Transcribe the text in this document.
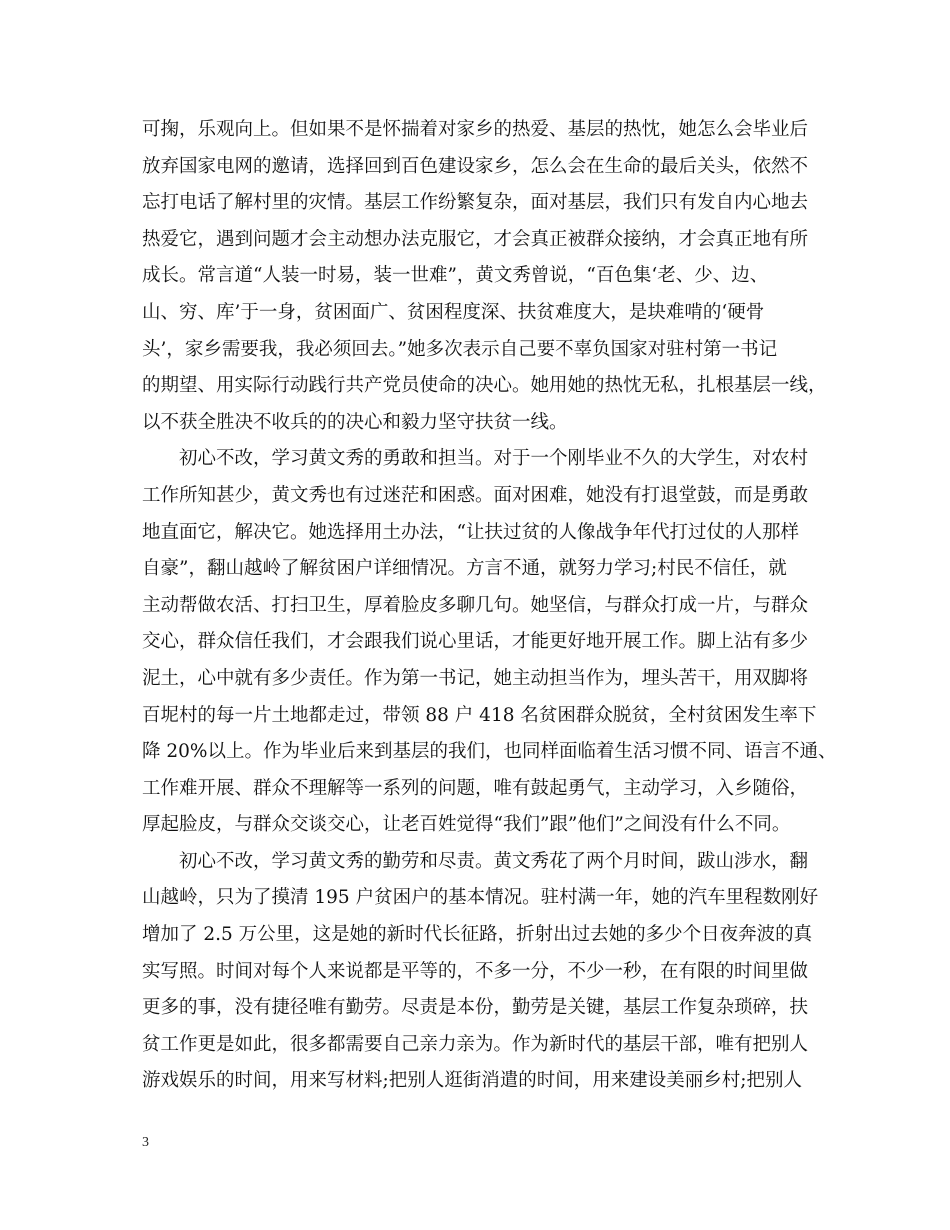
可掬，乐观向上。但如果不是怀揣着对家乡的热爱、基层的热忱，她怎么会毕业后
放弃国家电网的邀请，选择回到百色建设家乡，怎么会在生命的最后关头，依然不
忘打电话了解村里的灾情。基层工作纷繁复杂，面对基层，我们只有发自内心地去
热爱它，遇到问题才会主动想办法克服它，才会真正被群众接纳，才会真正地有所
成长。常言道“人装一时易，装一世难”，黄文秀曾说，“百色集‘老、少、边、
山、穷、库’于一身，贫困面广、贫困程度深、扶贫难度大，是块难啃的‘硬骨
头’，家乡需要我，我必须回去。”她多次表示自己要不辜负国家对驻村第一书记
的期望、用实际行动践行共产党员使命的决心。她用她的热忱无私，扎根基层一线，
以不获全胜决不收兵的的决心和毅力坚守扶贫一线。
　　初心不改，学习黄文秀的勇敢和担当。对于一个刚毕业不久的大学生，对农村
工作所知甚少，黄文秀也有过迷茫和困惑。面对困难，她没有打退堂鼓，而是勇敢
地直面它，解决它。她选择用土办法，“让扶过贫的人像战争年代打过仗的人那样
自豪”，翻山越岭了解贫困户详细情况。方言不通，就努力学习;村民不信任，就
主动帮做农活、打扫卫生，厚着脸皮多聊几句。她坚信，与群众打成一片，与群众
交心，群众信任我们，才会跟我们说心里话，才能更好地开展工作。脚上沾有多少
泥土，心中就有多少责任。作为第一书记，她主动担当作为，埋头苦干，用双脚将
百坭村的每一片土地都走过，带领 88 户 418 名贫困群众脱贫，全村贫困发生率下
降 20%以上。作为毕业后来到基层的我们，也同样面临着生活习惯不同、语言不通、
工作难开展、群众不理解等一系列的问题，唯有鼓起勇气，主动学习，入乡随俗，
厚起脸皮，与群众交谈交心，让老百姓觉得“我们”跟”他们”之间没有什么不同。
　　初心不改，学习黄文秀的勤劳和尽责。黄文秀花了两个月时间，跋山涉水，翻
山越岭，只为了摸清 195 户贫困户的基本情况。驻村满一年，她的汽车里程数刚好
增加了 2.5 万公里，这是她的新时代长征路，折射出过去她的多少个日夜奔波的真
实写照。时间对每个人来说都是平等的，不多一分，不少一秒，在有限的时间里做
更多的事，没有捷径唯有勤劳。尽责是本份，勤劳是关键，基层工作复杂琐碎，扶
贫工作更是如此，很多都需要自己亲力亲为。作为新时代的基层干部，唯有把别人
游戏娱乐的时间，用来写材料;把别人逛街消遣的时间，用来建设美丽乡村;把别人
3
